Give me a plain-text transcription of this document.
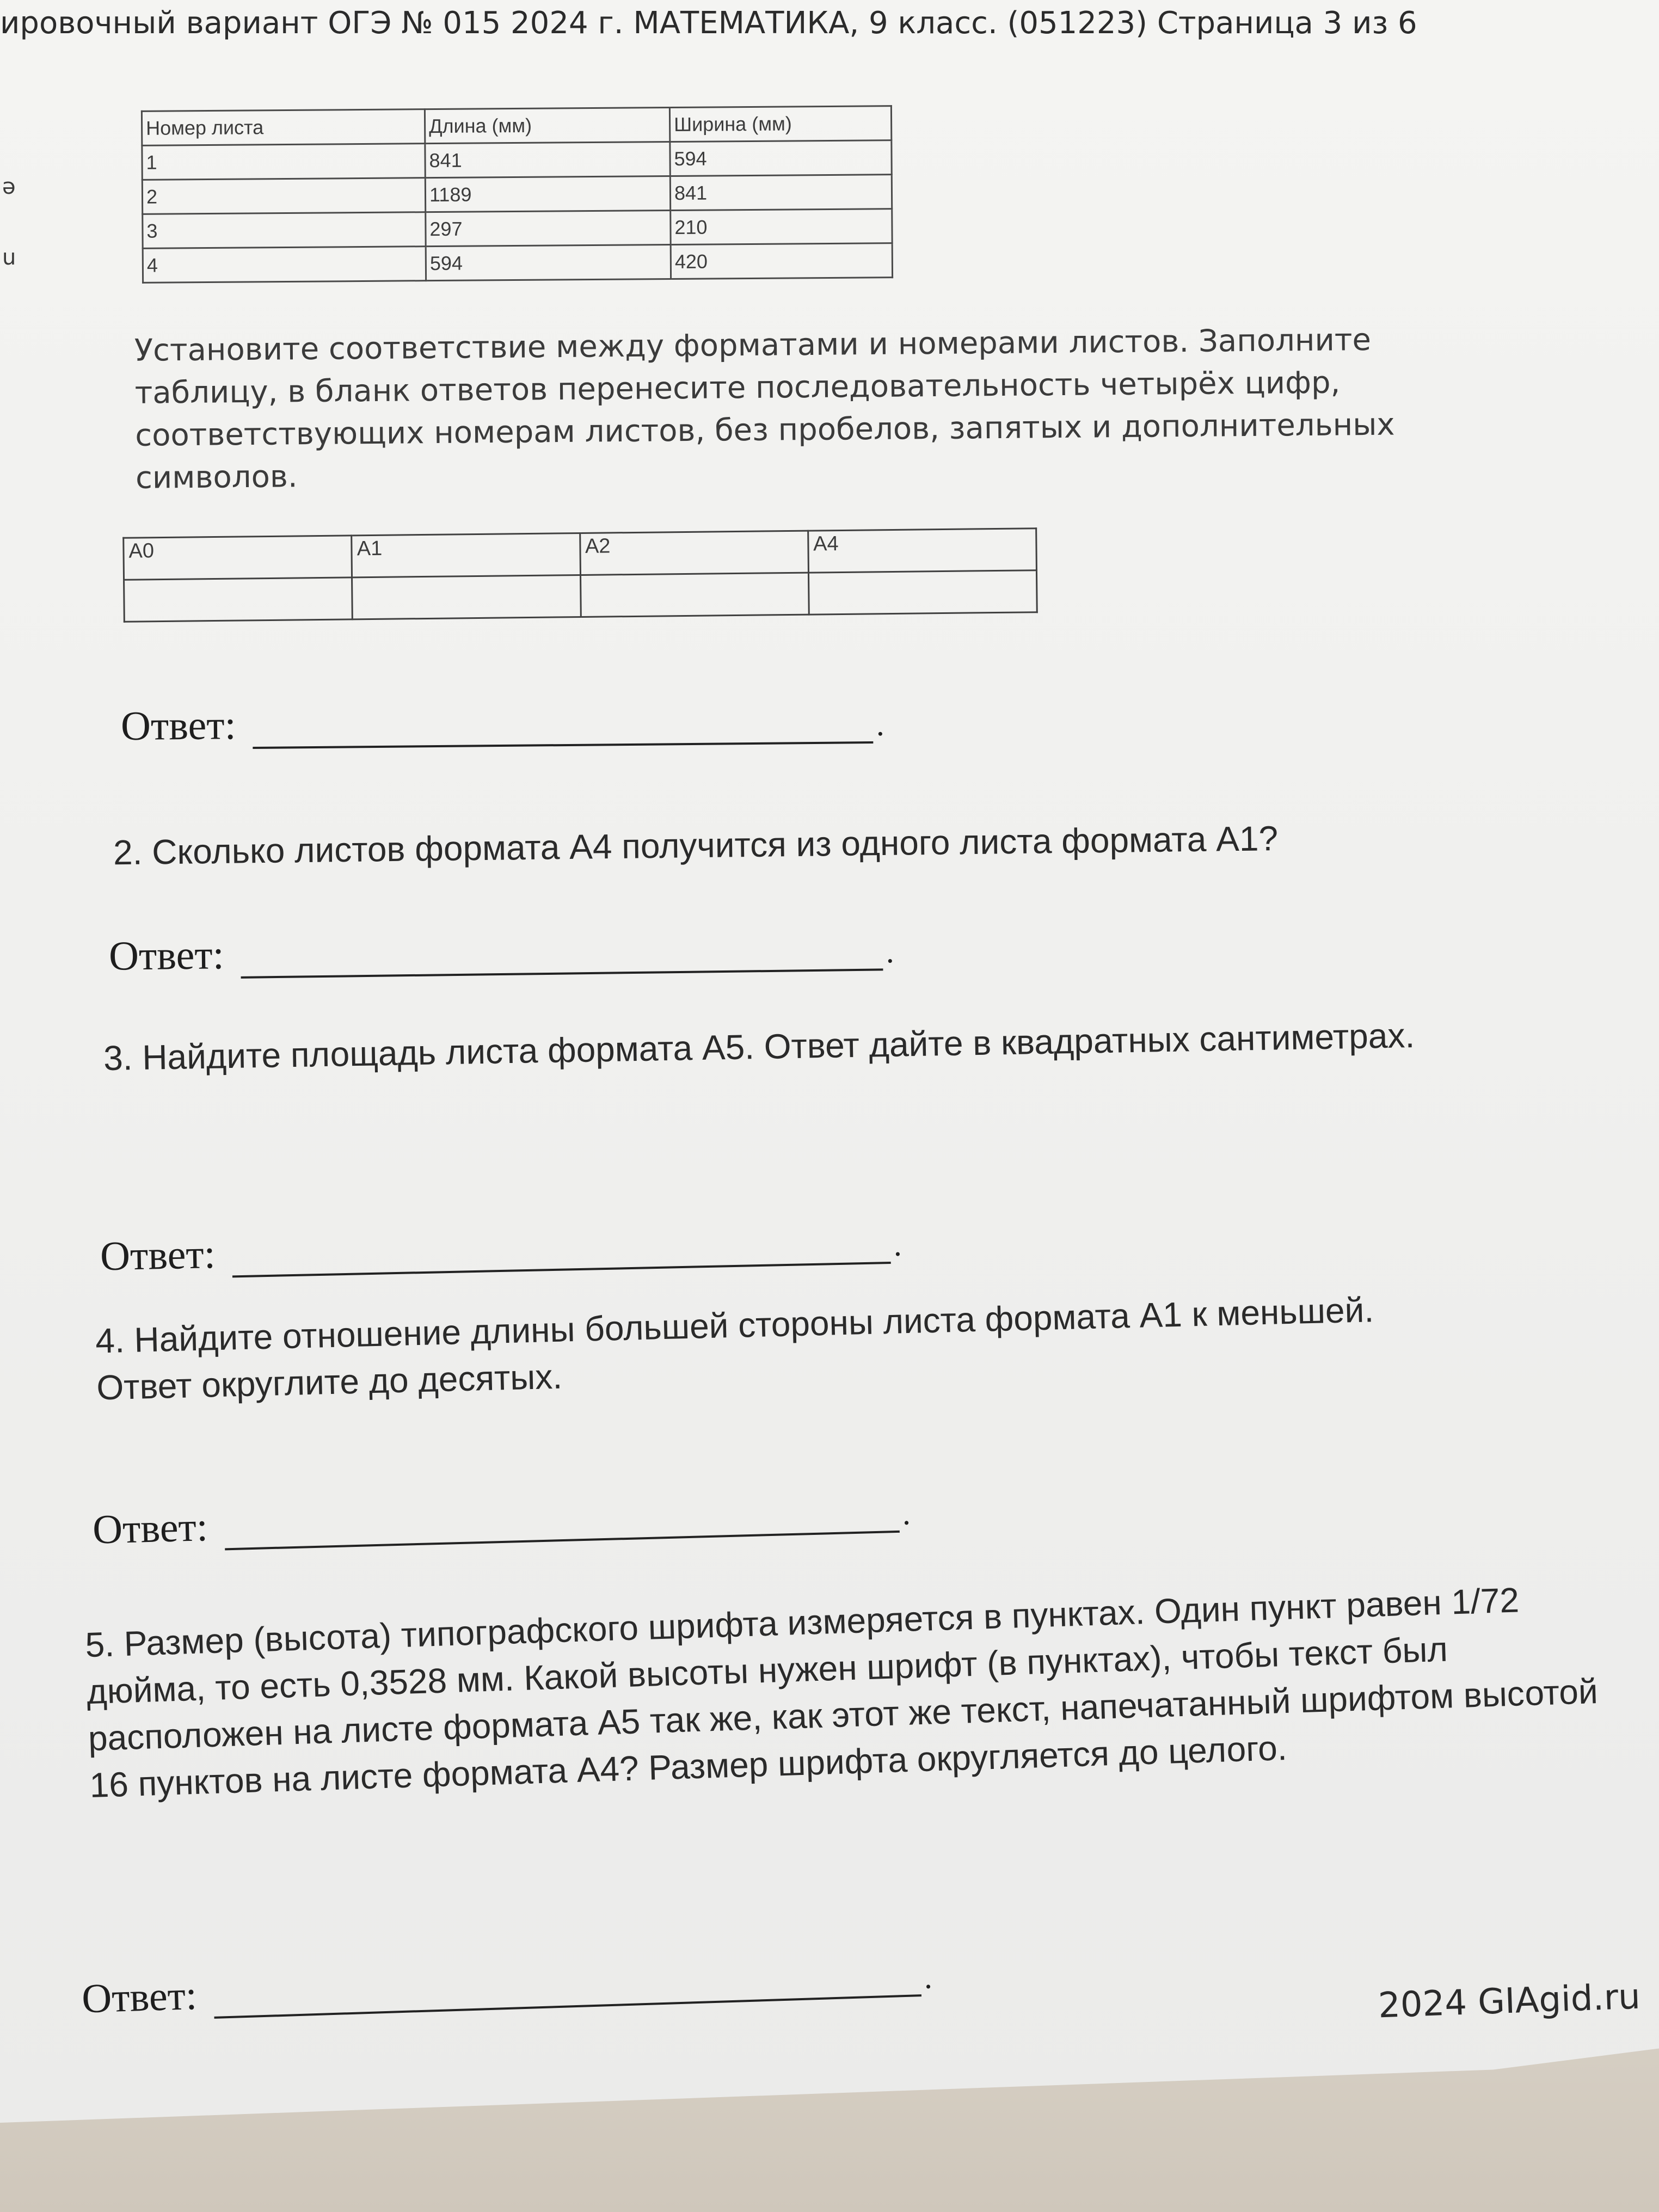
ировочный вариант ОГЭ № 015 2024 г. МАТЕМАТИКА, 9 класс. (051223) Страница 3 из 6
ə
u
Номер листа	Длина (мм)	Ширина (мм)
1	841	594
2	1189	841
3	297	210
4	594	420
Установите соответствие между форматами и номерами листов. Заполните таблицу, в бланк ответов перенесите последовательность четырёх цифр, соответствующих номерам листов, без пробелов, запятых и дополнительных символов.
А0	А1	А2	А4

Ответ:	.
2. Сколько листов формата А4 получится из одного листа формата А1?
Ответ:	.
3. Найдите площадь листа формата А5. Ответ дайте в квадратных сантиметрах.
Ответ:	.
4. Найдите отношение длины большей стороны листа формата А1 к меньшей. Ответ округлите до десятых.
Ответ:	.
5. Размер (высота) типографского шрифта измеряется в пунктах. Один пункт равен 1/72 дюйма, то есть 0,3528 мм. Какой высоты нужен шрифт (в пунктах), чтобы текст был расположен на листе формата А5 так же, как этот же текст, напечатанный шрифтом высотой 16 пунктов на листе формата А4? Размер шрифта округляется до целого.
Ответ:	.	2024 GIAgid.ru
